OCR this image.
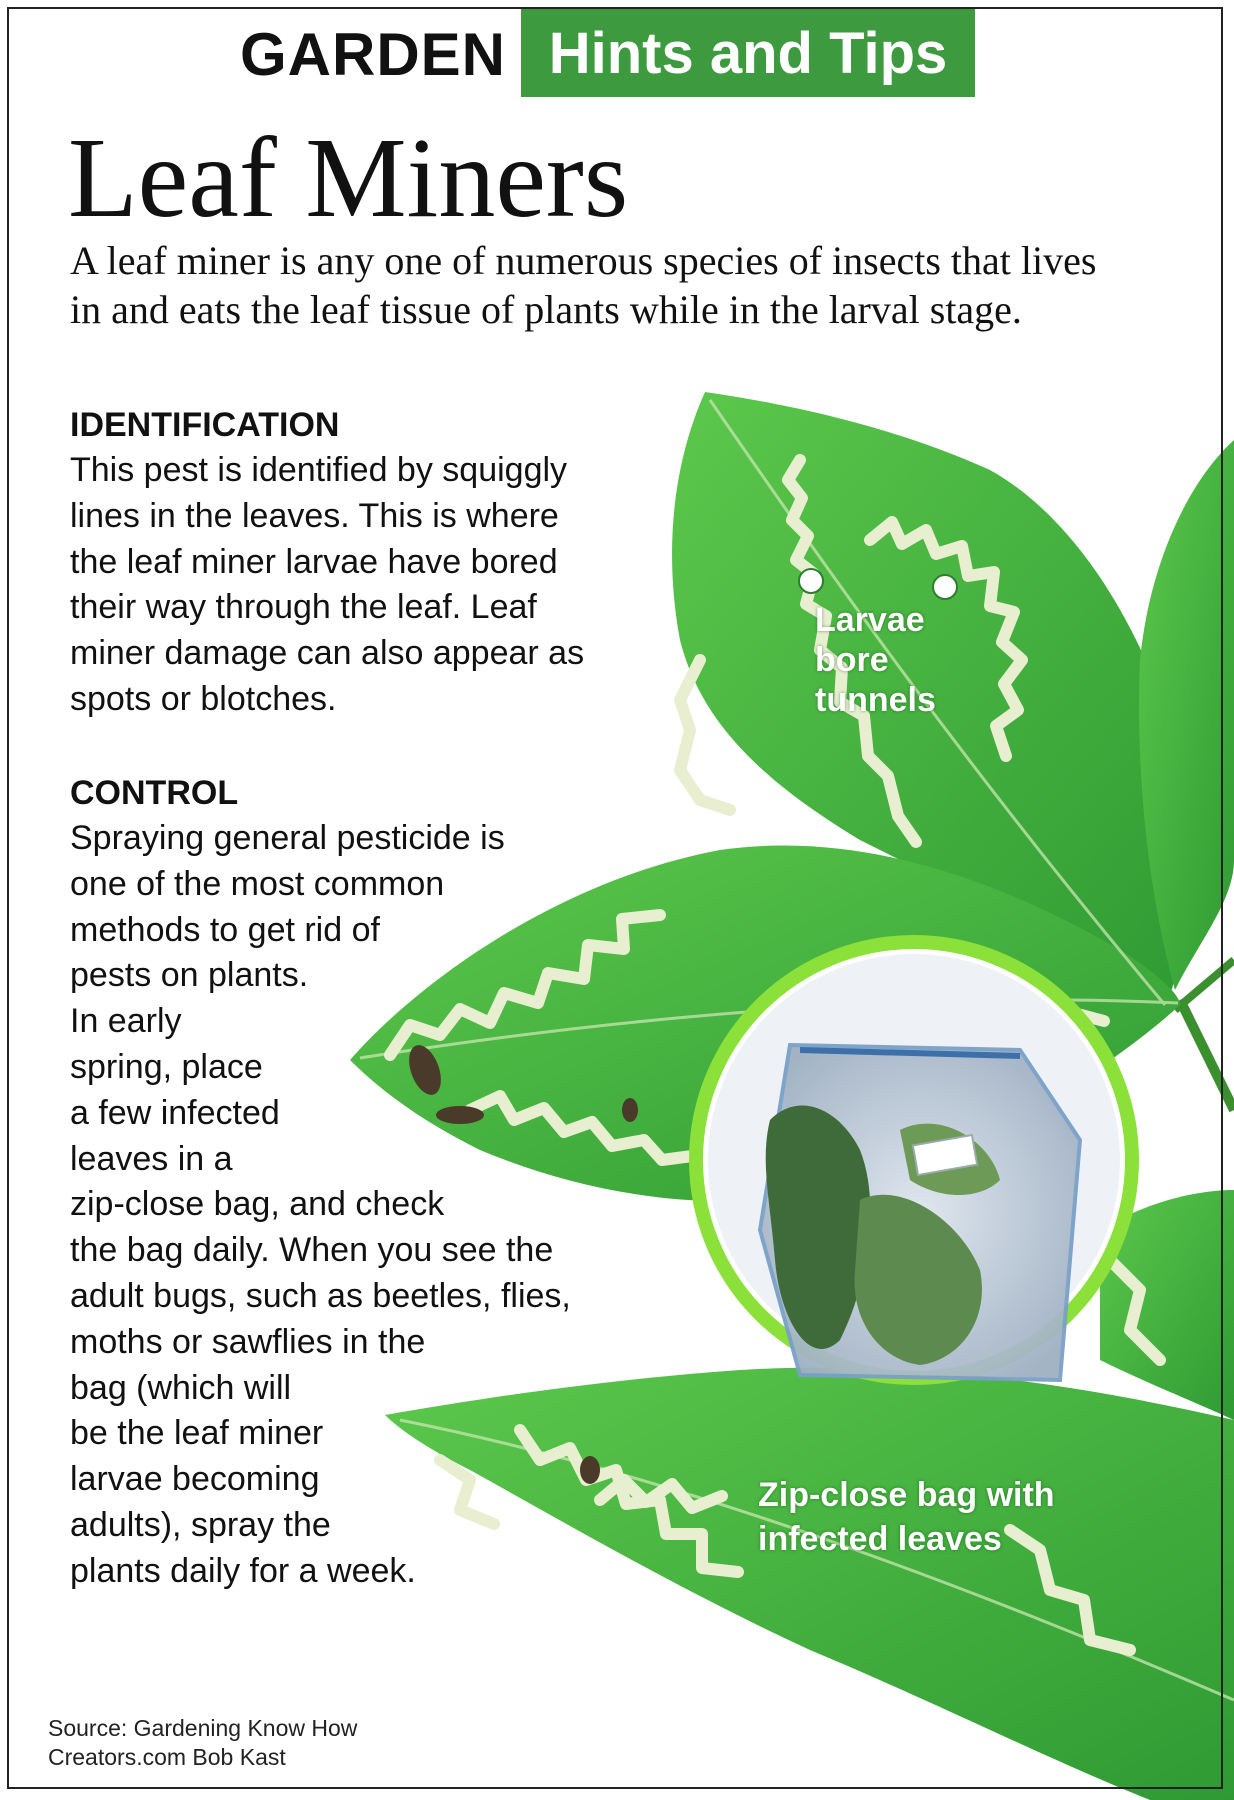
GARDEN Hints and Tips
Leaf Miners
A leaf miner is any one of numerous species of insects that lives
in and eats the leaf tissue of plants while in the larval stage.
IDENTIFICATION
This pest is identified by squiggly
lines in the leaves. This is where
the leaf miner larvae have bored
their way through the leaf. Leaf
miner damage can also appear as
spots or blotches.
CONTROL
Spraying general pesticide is
one of the most common
methods to get rid of
pests on plants.
In early
spring, place
a few infected
leaves in a
zip-close bag, and check
the bag daily. When you see the
adult bugs, such as beetles, flies,
moths or sawflies in the
bag (which will
be the leaf miner
larvae becoming
adults), spray the
plants daily for a week.
Larvae
bore
tunnels
Zip-close bag with
infected leaves
Source: Gardening Know How
Creators.com Bob Kast
